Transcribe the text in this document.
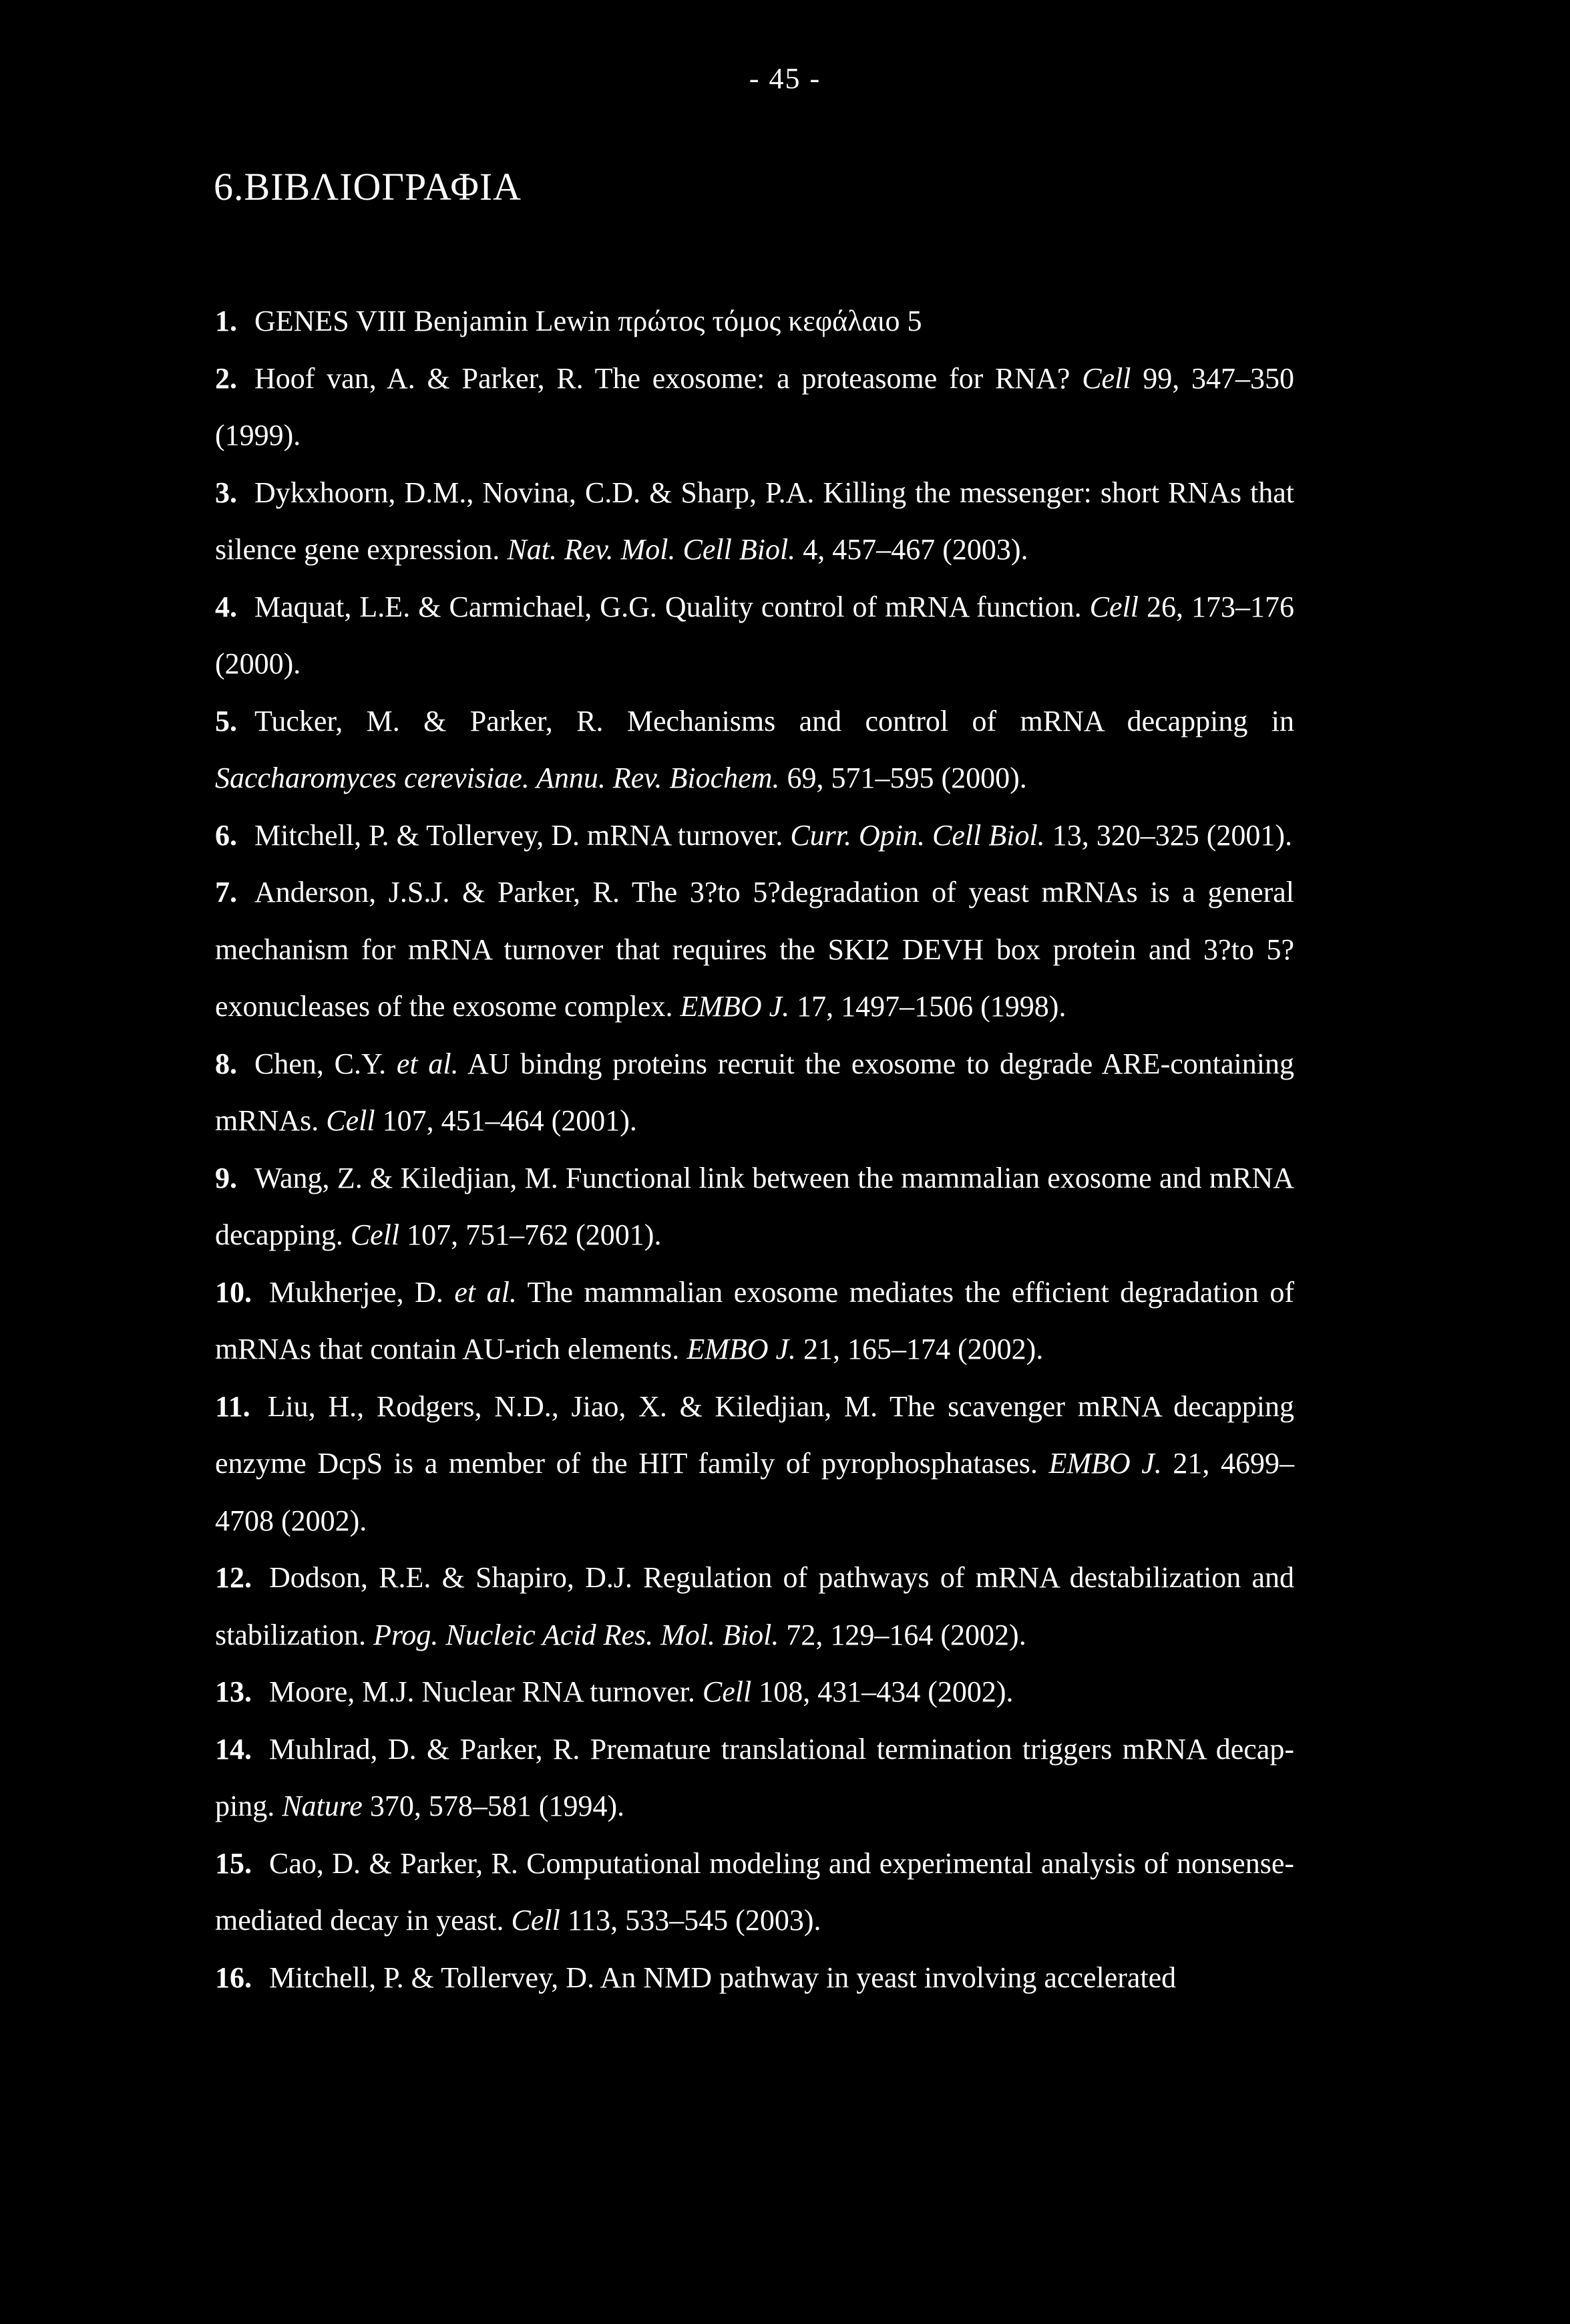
- 45 -
6.ΒΙΒΛΙΟΓΡΑΦΙΑ
1. GENES VIII Benjamin Lewin πρώτος τόμος κεφάλαιο 5
2. Hoof van, A. & Parker, R. The exosome: a proteasome for RNA? Cell 99, 347–350 (1999).
3. Dykxhoorn, D.M., Novina, C.D. & Sharp, P.A. Killing the messenger: short RNAs that silence gene expression. Nat. Rev. Mol. Cell Biol. 4, 457–467 (2003).
4. Maquat, L.E. & Carmichael, G.G. Quality control of mRNA function. Cell 26, 173–176 (2000).
5. Tucker, M. & Parker, R. Mechanisms and control of mRNA decapping in Saccharomyces cerevisiae. Annu. Rev. Biochem. 69, 571–595 (2000).
6. Mitchell, P. & Tollervey, D. mRNA turnover. Curr. Opin. Cell Biol. 13, 320–325 (2001).
7. Anderson, J.S.J. & Parker, R. The 3?to 5?degradation of yeast mRNAs is a general mechanism for mRNA turnover that requires the SKI2 DEVH box protein and 3?to 5? exonucleases of the exosome complex. EMBO J. 17, 1497–1506 (1998).
8. Chen, C.Y. et al. AU bindng proteins recruit the exosome to degrade ARE-containing mRNAs. Cell 107, 451–464 (2001).
9. Wang, Z. & Kiledjian, M. Functional link between the mammalian exosome and mRNA decapping. Cell 107, 751–762 (2001).
10. Mukherjee, D. et al. The mammalian exosome mediates the efficient degradation of mRNAs that contain AU-rich elements. EMBO J. 21, 165–174 (2002).
11. Liu, H., Rodgers, N.D., Jiao, X. & Kiledjian, M. The scavenger mRNA decapping enzyme DcpS is a member of the HIT family of pyrophosphatases. EMBO J. 21, 4699–4708 (2002).
12. Dodson, R.E. & Shapiro, D.J. Regulation of pathways of mRNA destabilization and stabilization. Prog. Nucleic Acid Res. Mol. Biol. 72, 129–164 (2002).
13. Moore, M.J. Nuclear RNA turnover. Cell 108, 431–434 (2002).
14. Muhlrad, D. & Parker, R. Premature translational termination triggers mRNA decap-ping. Nature 370, 578–581 (1994).
15. Cao, D. & Parker, R. Computational modeling and experimental analysis of nonsense-mediated decay in yeast. Cell 113, 533–545 (2003).
16. Mitchell, P. & Tollervey, D. An NMD pathway in yeast involving accelerated
